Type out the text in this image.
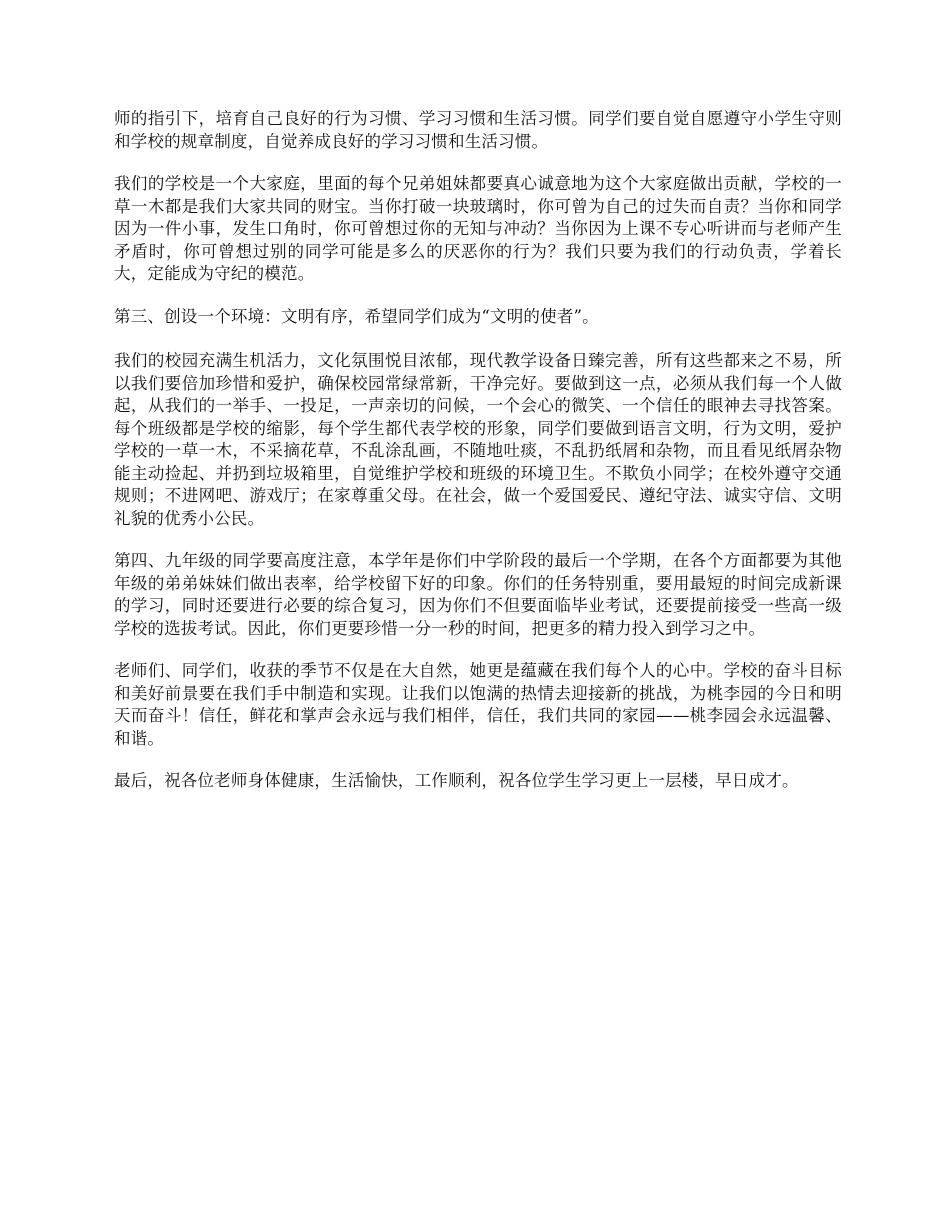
师的指引下，培育自己良好的行为习惯、学习习惯和生活习惯。同学们要自觉自愿遵守小学生守则和学校的规章制度，自觉养成良好的学习习惯和生活习惯。

我们的学校是一个大家庭，里面的每个兄弟姐妹都要真心诚意地为这个大家庭做出贡献，学校的一草一木都是我们大家共同的财宝。当你打破一块玻璃时，你可曾为自己的过失而自责？当你和同学因为一件小事，发生口角时，你可曾想过你的无知与冲动？当你因为上课不专心听讲而与老师产生矛盾时，你可曾想过别的同学可能是多么的厌恶你的行为？我们只要为我们的行动负责，学着长大，定能成为守纪的模范。

第三、创设一个环境：文明有序，希望同学们成为“文明的使者”。

我们的校园充满生机活力，文化氛围悦目浓郁，现代教学设备日臻完善，所有这些都来之不易，所以我们要倍加珍惜和爱护，确保校园常绿常新，干净完好。要做到这一点，必须从我们每一个人做起，从我们的一举手、一投足，一声亲切的问候，一个会心的微笑、一个信任的眼神去寻找答案。每个班级都是学校的缩影，每个学生都代表学校的形象，同学们要做到语言文明，行为文明，爱护学校的一草一木，不采摘花草，不乱涂乱画，不随地吐痰，不乱扔纸屑和杂物，而且看见纸屑杂物能主动捡起、并扔到垃圾箱里，自觉维护学校和班级的环境卫生。不欺负小同学；在校外遵守交通规则；不进网吧、游戏厅；在家尊重父母。在社会，做一个爱国爱民、遵纪守法、诚实守信、文明礼貌的优秀小公民。

第四、九年级的同学要高度注意，本学年是你们中学阶段的最后一个学期，在各个方面都要为其他年级的弟弟妹妹们做出表率，给学校留下好的印象。你们的任务特别重，要用最短的时间完成新课的学习，同时还要进行必要的综合复习，因为你们不但要面临毕业考试，还要提前接受一些高一级学校的选拔考试。因此，你们更要珍惜一分一秒的时间，把更多的精力投入到学习之中。

老师们、同学们，收获的季节不仅是在大自然，她更是蕴藏在我们每个人的心中。学校的奋斗目标和美好前景要在我们手中制造和实现。让我们以饱满的热情去迎接新的挑战，为桃李园的今日和明天而奋斗！信任，鲜花和掌声会永远与我们相伴，信任，我们共同的家园——桃李园会永远温馨、和谐。

最后，祝各位老师身体健康，生活愉快，工作顺利，祝各位学生学习更上一层楼，早日成才。
